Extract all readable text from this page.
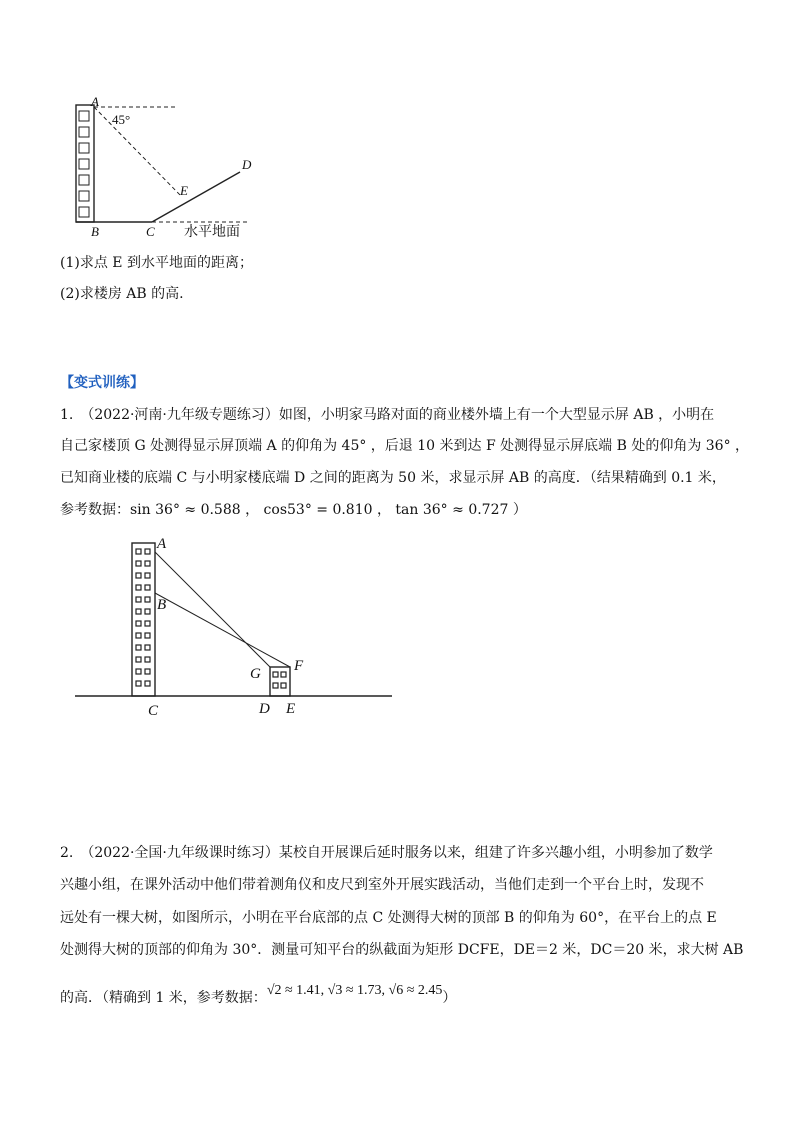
A
45°
D
E
B	C 水平地面
(1)求点 E 到水平地面的距离；
(2)求楼房 AB 的高.
【变式训练】
1.　（2022·河南·九年级专题练习）如图，小明家马路对面的商业楼外墙上有一个大型显示屏 AB ，小明在
自己家楼顶 G 处测得显示屏顶端 A 的仰角为 45° ，后退 10 米到达 F 处测得显示屏底端 B 处的仰角为 36° ，
已知商业楼的底端 C 与小明家楼底端 D 之间的距离为 50 米，求显示屏 AB 的高度．（结果精确到 0.1 米，
参考数据：sin 36° ≈ 0.588 ， cos53° = 0.810 ， tan 36° ≈ 0.727 ）
A
B
G F
C	D E
2.　（2022·全国·九年级课时练习）某校自开展课后延时服务以来，组建了许多兴趣小组，小明参加了数学
兴趣小组，在课外活动中他们带着测角仪和皮尺到室外开展实践活动，当他们走到一个平台上时，发现不
远处有一棵大树，如图所示，小明在平台底部的点 C 处测得大树的顶部 B 的仰角为 60°，在平台上的点 E
处测得大树的顶部的仰角为 30°．测量可知平台的纵截面为矩形 DCFE，DE＝2 米，DC＝20 米，求大树 AB
的高．（精确到 1 米，参考数据：√2 ≈ 1.41, √3 ≈ 1.73, √6 ≈ 2.45）
